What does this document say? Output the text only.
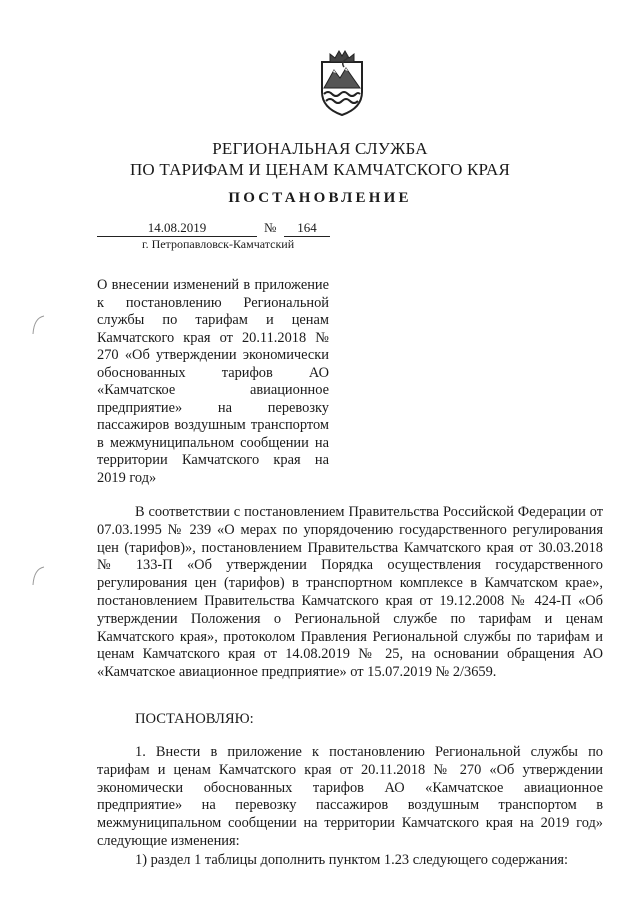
РЕГИОНАЛЬНАЯ СЛУЖБА
ПО ТАРИФАМ И ЦЕНАМ КАМЧАТСКОГО КРАЯ
ПОСТАНОВЛЕНИЕ
14.08.2019	№	164
г. Петропавловск-Камчатский
О внесении изменений в приложение к постановлению Региональной службы по тарифам и ценам Камчатского края от 20.11.2018 № 270 «Об утверждении экономически обоснованных тарифов АО «Камчатское авиационное предприятие» на перевозку пассажиров воздушным транспортом в межмуниципальном сообщении на территории Камчатского края на 2019 год»
В соответствии с постановлением Правительства Российской Федерации от 07.03.1995 № 239 «О мерах по упорядочению государственного регулирования цен (тарифов)», постановлением Правительства Камчатского края от 30.03.2018 № 133-П «Об утверждении Порядка осуществления государственного регулирования цен (тарифов) в транспортном комплексе в Камчатском крае», постановлением Правительства Камчатского края от 19.12.2008 № 424-П «Об утверждении Положения о Региональной службе по тарифам и ценам Камчатского края», протоколом Правления Региональной службы по тарифам и ценам Камчатского края от 14.08.2019 № 25, на основании обращения АО «Камчатское авиационное предприятие» от 15.07.2019 № 2/3659.
ПОСТАНОВЛЯЮ:
1. Внести в приложение к постановлению Региональной службы по тарифам и ценам Камчатского края от 20.11.2018 № 270 «Об утверждении экономически обоснованных тарифов АО «Камчатское авиационное предприятие» на перевозку пассажиров воздушным транспортом в межмуниципальном сообщении на территории Камчатского края на 2019 год» следующие изменения:
1) раздел 1 таблицы дополнить пунктом 1.23 следующего содержания:
